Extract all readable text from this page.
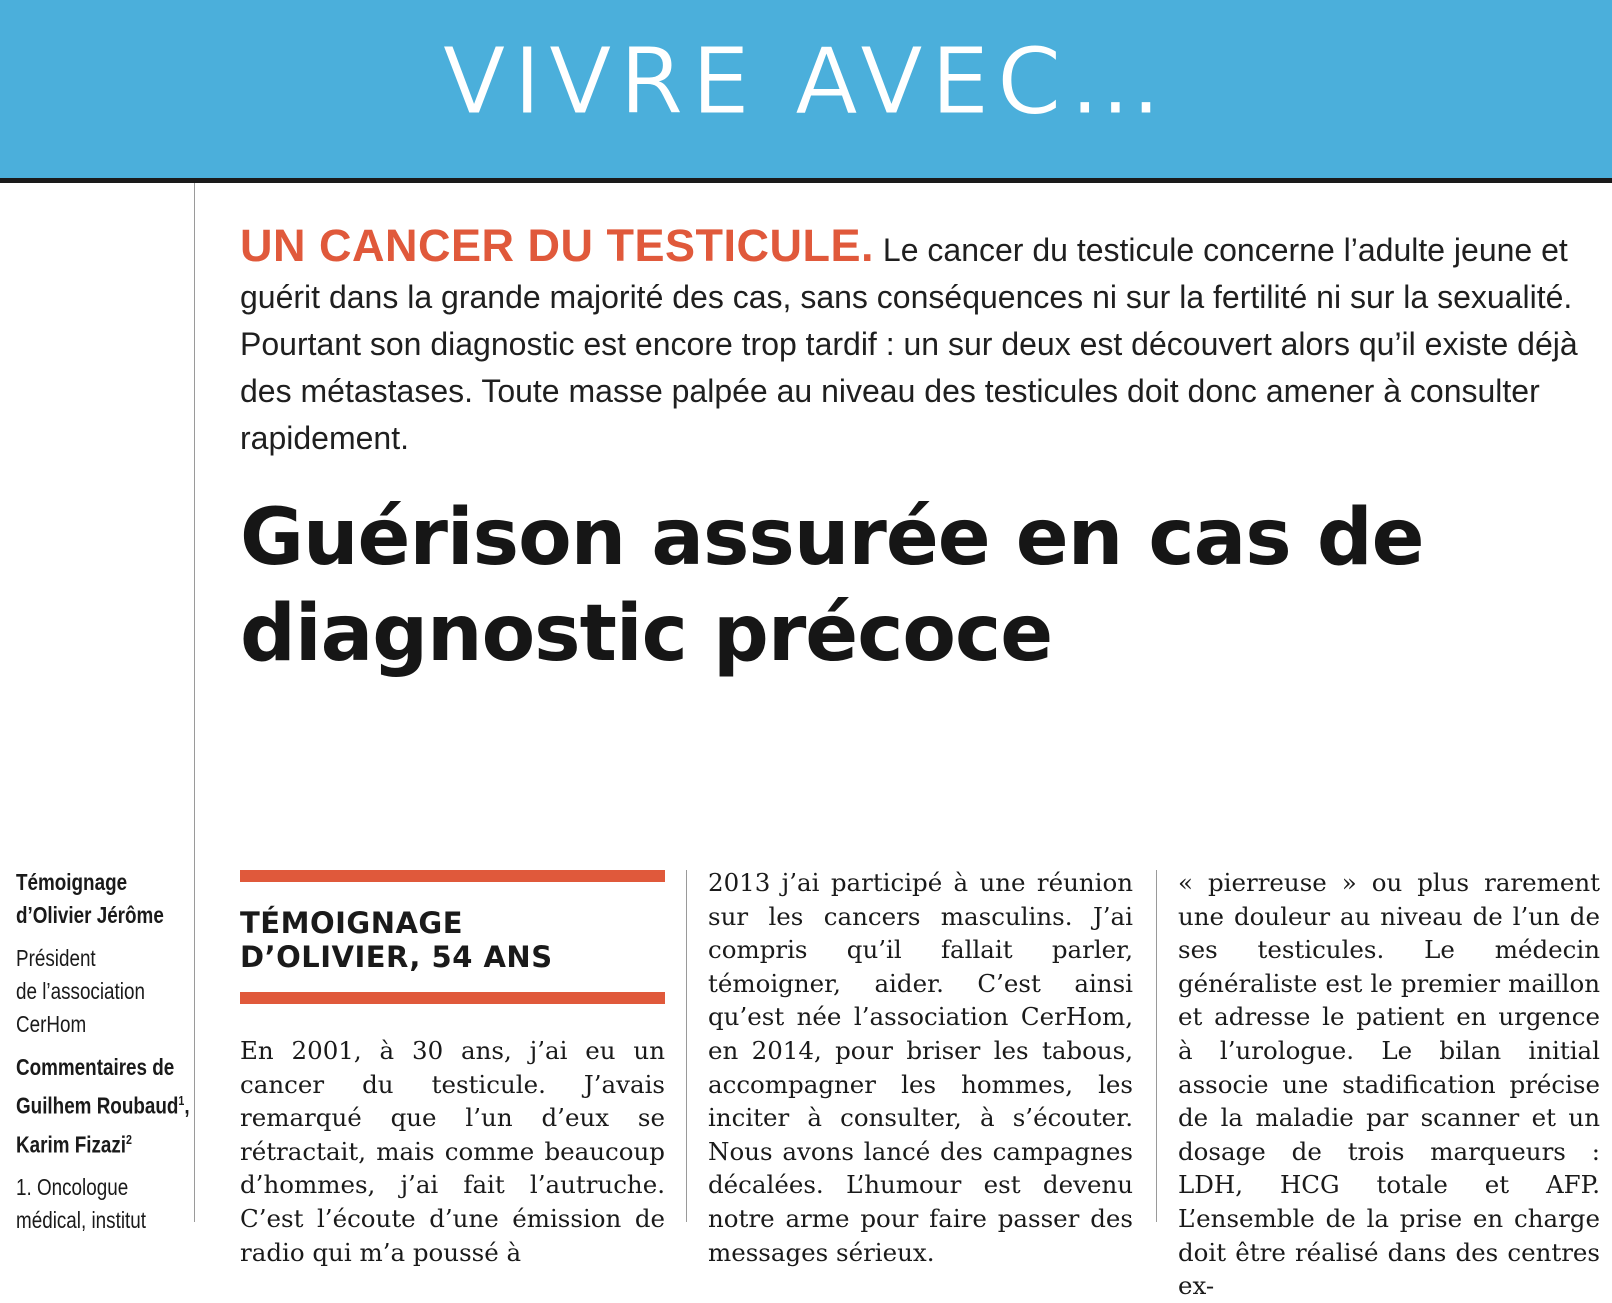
VIVRE AVEC…

UN CANCER DU TESTICULE. Le cancer du testicule concerne l’adulte jeune et guérit dans la grande majorité des cas, sans conséquences ni sur la fertilité ni sur la sexualité. Pourtant son diagnostic est encore trop tardif : un sur deux est découvert alors qu’il existe déjà des métastases. Toute masse palpée au niveau des testicules doit donc amener à consulter rapidement.

Guérison assurée en cas de diagnostic précoce
Témoignage
d’Olivier Jérôme
Président
de l’association
CerHom
Commentaires de
Guilhem Roubaud$^1$,
Karim Fizazi$^2$
1. Oncologue
médical, institut
TÉMOIGNAGE
D’OLIVIER, 54 ANS

En 2001, à 30 ans, j’ai eu un cancer du testicule. J’avais remarqué que l’un d’eux se rétractait, mais comme beaucoup d’hommes, j’ai fait l’autruche. C’est l’écoute d’une émission de radio qui m’a poussé à

2013 j’ai participé à une réunion sur les cancers masculins. J’ai compris qu’il fallait parler, témoigner, aider. C’est ainsi qu’est née l’association CerHom, en 2014, pour briser les tabous, accompagner les hommes, les inciter à consulter, à s’écouter. Nous avons lancé des campagnes décalées. L’humour est devenu notre arme pour faire passer des messages sérieux.

« pierreuse » ou plus rarement une douleur au niveau de l’un de ses testicules. Le médecin généraliste est le premier maillon et adresse le patient en urgence à l’urologue. Le bilan initial associe une stadification précise de la maladie par scanner et un dosage de trois marqueurs : LDH, HCG totale et AFP. L’ensemble de la prise en charge doit être réalisé dans des centres ex-
